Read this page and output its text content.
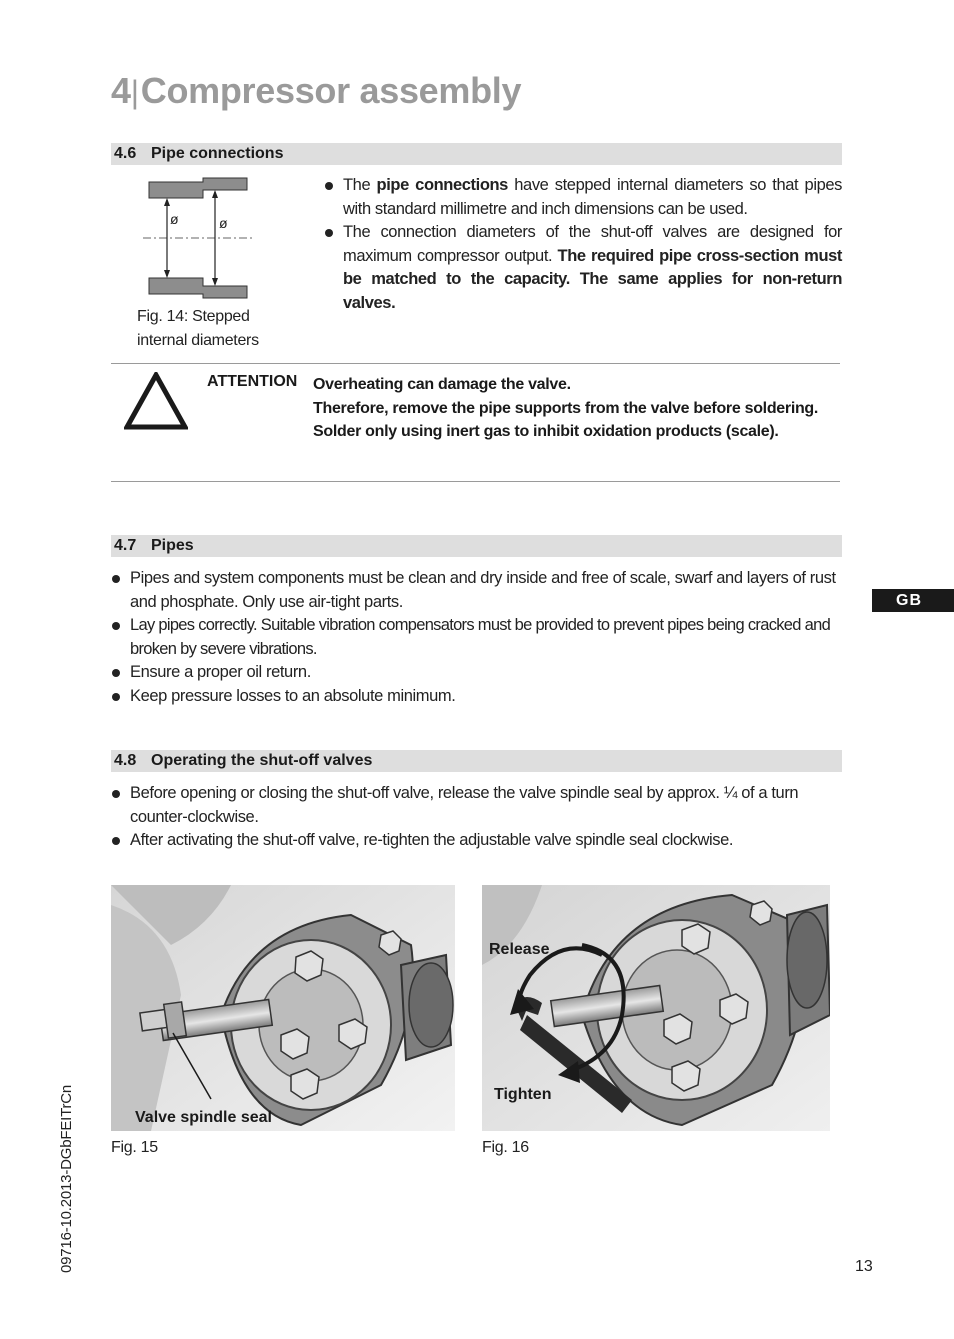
4|Compressor assembly
4.6 Pipe connections
ø	ø
Fig. 14: Stepped
internal diameters
The pipe connections have stepped internal diameters so that pipes with standard millimetre and inch dimensions can be used.
The connection diameters of the shut-off valves are designed for maximum compressor output. The required pipe cross-section must be matched to the capacity. The same applies for non-return valves.
ATTENTION Overheating can damage the valve.
Therefore, remove the pipe supports from the valve before soldering.
Solder only using inert gas to inhibit oxidation products (scale).
4.7 Pipes
Pipes and system components must be clean and dry inside and free of scale, swarf and layers of rust and phosphate. Only use air-tight parts.
Lay pipes correctly. Suitable vibration compensators must be provided to prevent pipes being cracked and broken by severe vibrations.
Ensure a proper oil return.
Keep pressure losses to an absolute minimum.
GB
4.8 Operating the shut-off valves
Before opening or closing the shut-off valve, release the valve spindle seal by approx. ¼ of a turn counter-clockwise.
After activating the shut-off valve, re-tighten the adjustable valve spindle seal clockwise.
Valve spindle seal
Fig. 15
Release
Tighten
Fig. 16
09716-10.2013-DGbFEITrCn	13
